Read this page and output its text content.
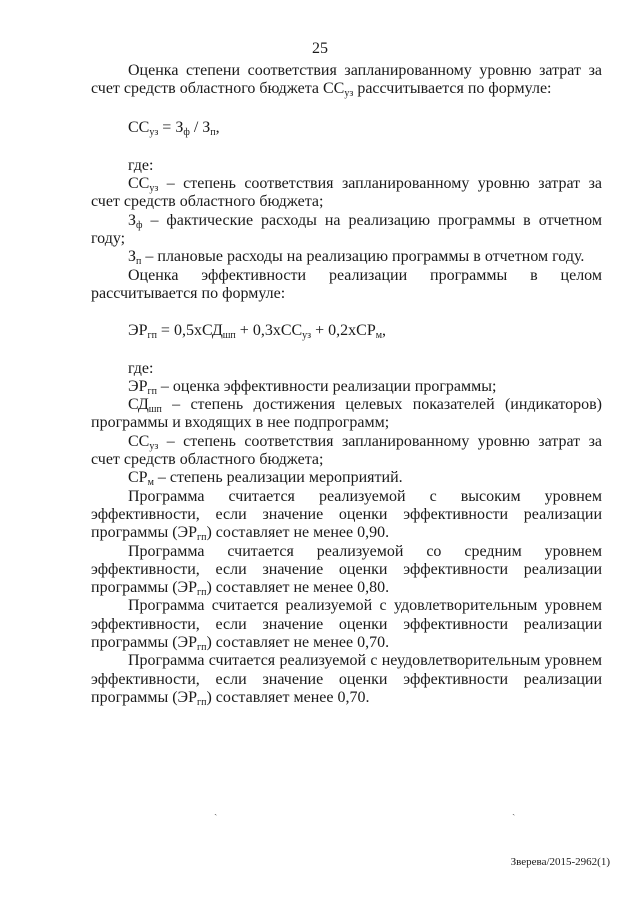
25

Оценка степени соответствия запланированному уровню затрат за счет средств областного бюджета $СС_{уз}$ рассчитывается по формуле:

$СС_{уз} = З_ф / З_п$,

где:

$СС_{уз}$ – степень соответствия запланированному уровню затрат за счет средств областного бюджета;

$З_ф$ – фактические расходы на реализацию программы в отчетном году;

$З_п$ – плановые расходы на реализацию программы в отчетном году.

Оценка эффективности реализации программы в целом рассчитывается по формуле:

$ЭР_{гп} = 0,5хСД_{шп} + 0,3хСС_{уз} + 0,2хСР_м$,

где:

$ЭР_{гп}$ – оценка эффективности реализации программы;

$СД_{шп}$ – степень достижения целевых показателей (индикаторов) программы и входящих в нее подпрограмм;

$СС_{уз}$ – степень соответствия запланированному уровню затрат за счет средств областного бюджета;

$СР_м$ – степень реализации мероприятий.

Программа считается реализуемой с высоким уровнем эффективности, если значение оценки эффективности реализации программы $(ЭР_{гп})$ составляет не менее 0,90.

Программа считается реализуемой со средним уровнем эффективности, если значение оценки эффективности реализации программы $(ЭР_{гп})$ составляет не менее 0,80.

Программа считается реализуемой с удовлетворительным уровнем эффективности, если значение оценки эффективности реализации программы $(ЭР_{гп})$ составляет не менее 0,70.

Программа считается реализуемой с неудовлетворительным уровнем эффективности, если значение оценки эффективности реализации программы $(ЭР_{гп})$ составляет менее 0,70.

ˏ	ˏ
Зверева/2015-2962(1)
